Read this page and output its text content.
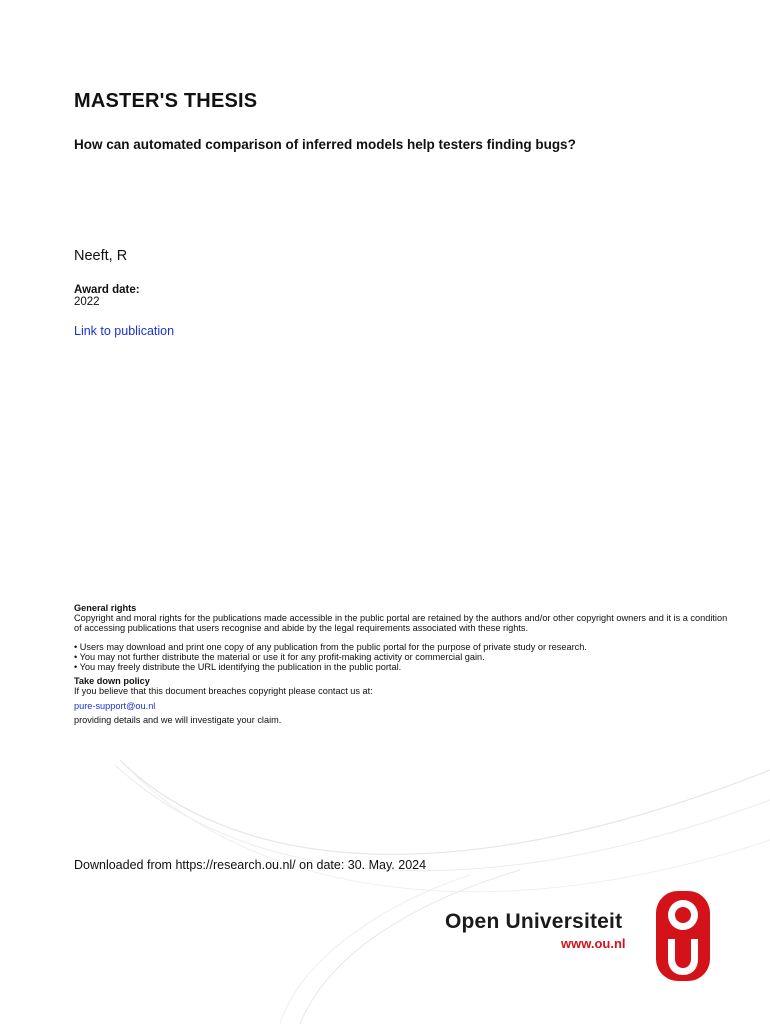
MASTER'S THESIS
How can automated comparison of inferred models help testers finding bugs?

Neeft, R

Award date:
2022
Link to publication
General rights
Copyright and moral rights for the publications made accessible in the public portal are retained by the authors and/or other copyright owners and it is a condition of accessing publications that users recognise and abide by the legal requirements associated with these rights.
• Users may download and print one copy of any publication from the public portal for the purpose of private study or research.
• You may not further distribute the material or use it for any profit-making activity or commercial gain.
• You may freely distribute the URL identifying the publication in the public portal.
Take down policy
If you believe that this document breaches copyright please contact us at:
pure-support@ou.nl
providing details and we will investigate your claim.
Downloaded from https://research.ou.nl/ on date: 30. May. 2024
Open Universiteit
www.ou.nl
